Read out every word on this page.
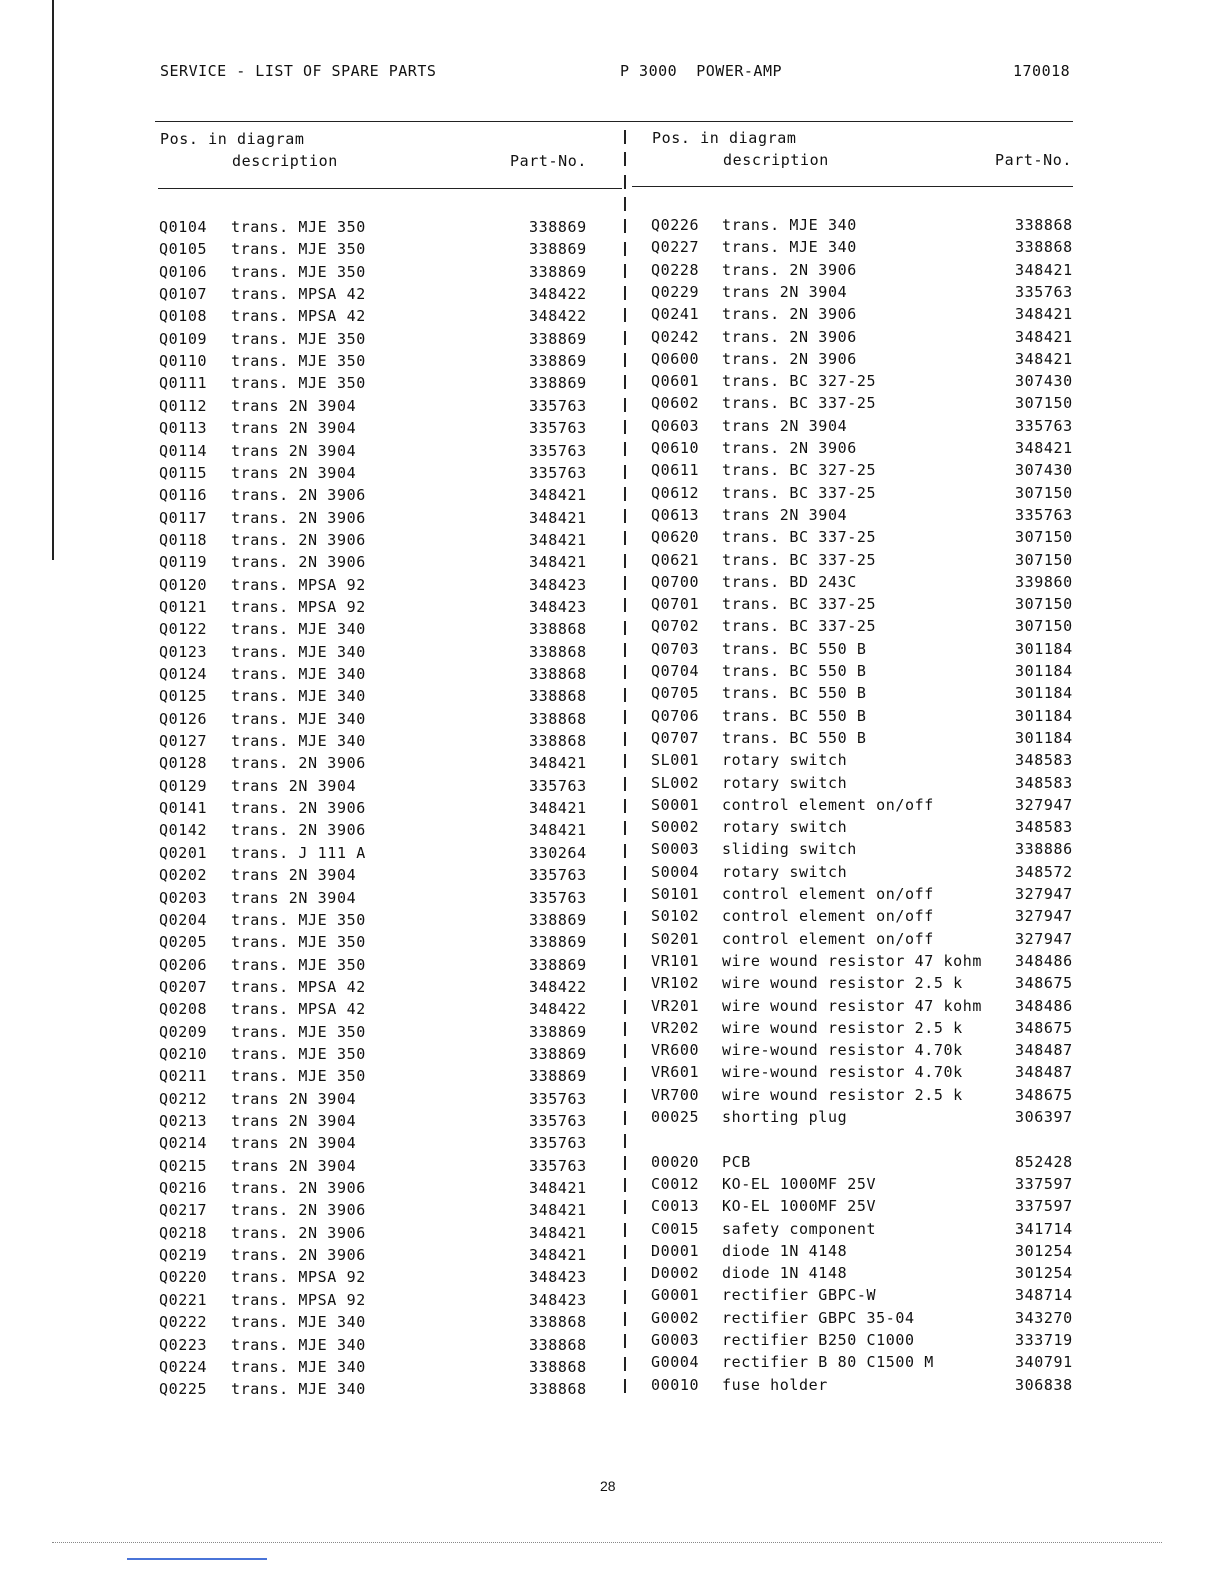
SERVICE - LIST OF SPARE PARTS	P 3000  POWER-AMP	170018
Pos. in diagram
description	Part-No.
Pos. in diagram
description	Part-No.
Q0104 trans. MJE 350	338869
Q0105 trans. MJE 350	338869
Q0106 trans. MJE 350	338869
Q0107 trans. MPSA 42	348422
Q0108 trans. MPSA 42	348422
Q0109 trans. MJE 350	338869
Q0110 trans. MJE 350	338869
Q0111 trans. MJE 350	338869
Q0112 trans 2N 3904	335763
Q0113 trans 2N 3904	335763
Q0114 trans 2N 3904	335763
Q0115 trans 2N 3904	335763
Q0116 trans. 2N 3906	348421
Q0117 trans. 2N 3906	348421
Q0118 trans. 2N 3906	348421
Q0119 trans. 2N 3906	348421
Q0120 trans. MPSA 92	348423
Q0121 trans. MPSA 92	348423
Q0122 trans. MJE 340	338868
Q0123 trans. MJE 340	338868
Q0124 trans. MJE 340	338868
Q0125 trans. MJE 340	338868
Q0126 trans. MJE 340	338868
Q0127 trans. MJE 340	338868
Q0128 trans. 2N 3906	348421
Q0129 trans 2N 3904	335763
Q0141 trans. 2N 3906	348421
Q0142 trans. 2N 3906	348421
Q0201 trans. J 111 A	330264
Q0202 trans 2N 3904	335763
Q0203 trans 2N 3904	335763
Q0204 trans. MJE 350	338869
Q0205 trans. MJE 350	338869
Q0206 trans. MJE 350	338869
Q0207 trans. MPSA 42	348422
Q0208 trans. MPSA 42	348422
Q0209 trans. MJE 350	338869
Q0210 trans. MJE 350	338869
Q0211 trans. MJE 350	338869
Q0212 trans 2N 3904	335763
Q0213 trans 2N 3904	335763
Q0214 trans 2N 3904	335763
Q0215 trans 2N 3904	335763
Q0216 trans. 2N 3906	348421
Q0217 trans. 2N 3906	348421
Q0218 trans. 2N 3906	348421
Q0219 trans. 2N 3906	348421
Q0220 trans. MPSA 92	348423
Q0221 trans. MPSA 92	348423
Q0222 trans. MJE 340	338868
Q0223 trans. MJE 340	338868
Q0224 trans. MJE 340	338868
Q0225 trans. MJE 340	338868
Q0226 trans. MJE 340	338868
Q0227 trans. MJE 340	338868
Q0228 trans. 2N 3906	348421
Q0229 trans 2N 3904	335763
Q0241 trans. 2N 3906	348421
Q0242 trans. 2N 3906	348421
Q0600 trans. 2N 3906	348421
Q0601 trans. BC 327-25	307430
Q0602 trans. BC 337-25	307150
Q0603 trans 2N 3904	335763
Q0610 trans. 2N 3906	348421
Q0611 trans. BC 327-25	307430
Q0612 trans. BC 337-25	307150
Q0613 trans 2N 3904	335763
Q0620 trans. BC 337-25	307150
Q0621 trans. BC 337-25	307150
Q0700 trans. BD 243C	339860
Q0701 trans. BC 337-25	307150
Q0702 trans. BC 337-25	307150
Q0703 trans. BC 550 B	301184
Q0704 trans. BC 550 B	301184
Q0705 trans. BC 550 B	301184
Q0706 trans. BC 550 B	301184
Q0707 trans. BC 550 B	301184
SL001 rotary switch	348583
SL002 rotary switch	348583
S0001 control element on/off	327947
S0002 rotary switch	348583
S0003 sliding switch	338886
S0004 rotary switch	348572
S0101 control element on/off	327947
S0102 control element on/off	327947
S0201 control element on/off	327947
VR101 wire wound resistor 47 kohm 348486
VR102 wire wound resistor 2.5 k	348675
VR201 wire wound resistor 47 kohm 348486
VR202 wire wound resistor 2.5 k	348675
VR600 wire-wound resistor 4.70k	348487
VR601 wire-wound resistor 4.70k	348487
VR700 wire wound resistor 2.5 k	348675
00025 shorting plug	306397
00020 PCB	852428
C0012 KO-EL 1000MF 25V	337597
C0013 KO-EL 1000MF 25V	337597
C0015 safety component	341714
D0001 diode 1N 4148	301254
D0002 diode 1N 4148	301254
G0001 rectifier GBPC-W	348714
G0002 rectifier GBPC 35-04	343270
G0003 rectifier B250 C1000	333719
G0004 rectifier B 80 C1500 M	340791
00010 fuse holder	306838
28
